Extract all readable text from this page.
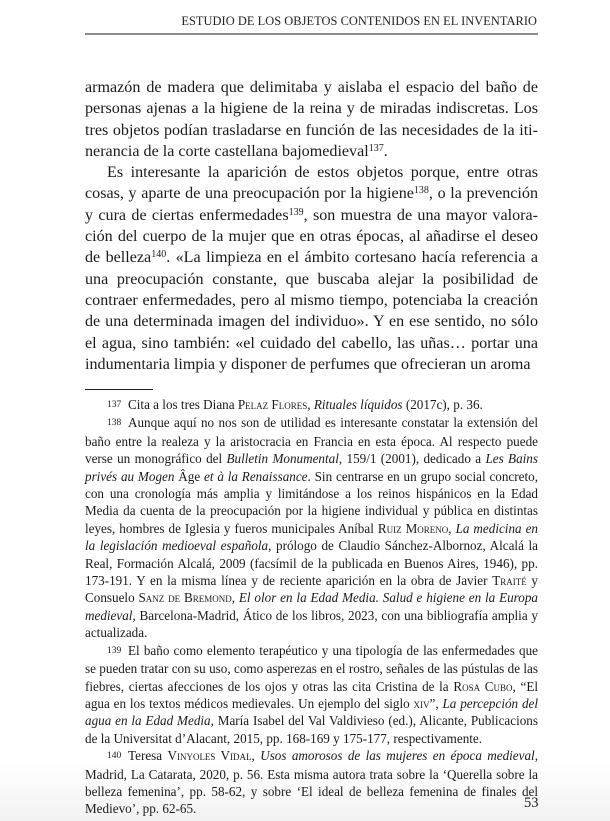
ESTUDIO DE LOS OBJETOS CONTENIDOS EN EL INVENTARIO

armazón de madera que delimitaba y aislaba el espacio del baño de personas ajenas a la higiene de la reina y de miradas indiscretas. Los tres objetos podían trasladarse en función de las necesidades de la itinerancia de la corte castellana bajomedieval$^{137}$.

Es interesante la aparición de estos objetos porque, entre otras cosas, y aparte de una preocupación por la higiene$^{138}$, o la prevención y cura de ciertas enfermedades$^{139}$, son muestra de una mayor valoración del cuerpo de la mujer que en otras épocas, al añadirse el deseo de belleza$^{140}$. «La limpieza en el ámbito cortesano hacía referencia a una preocupación constante, que buscaba alejar la posibilidad de contraer enfermedades, pero al mismo tiempo, potenciaba la creación de una determinada imagen del individuo». Y en ese sentido, no sólo el agua, sino también: «el cuidado del cabello, las uñas… portar una indumentaria limpia y disponer de perfumes que ofrecieran un aroma

137 Cita a los tres Diana Pelaz Flores, Rituales líquidos (2017c), p. 36.

138 Aunque aquí no nos son de utilidad es interesante constatar la extensión del baño entre la realeza y la aristocracia en Francia en esta época. Al respecto puede verse un monográfico del Bulletin Monumental, 159/1 (2001), dedicado a Les Bains privés au Mogen Âge et à la Renaissance. Sin centrarse en un grupo social concreto, con una cronología más amplia y limitándose a los reinos hispánicos en la Edad Media da cuenta de la preocupación por la higiene individual y pública en distintas leyes, hombres de Iglesia y fueros municipales Aníbal Ruiz Moreno, La medicina en la legislación medioeval española, prólogo de Claudio Sánchez-Albornoz, Alcalá la Real, Formación Alcalá, 2009 (facsímil de la publicada en Buenos Aires, 1946), pp. 173-191. Y en la misma línea y de reciente aparición en la obra de Javier Traité y Consuelo Sanz de Bremond, El olor en la Edad Media. Salud e higiene en la Europa medieval, Barcelona-Madrid, Ático de los libros, 2023, con una bibliografía amplia y actualizada.

139 El baño como elemento terapéutico y una tipología de las enfermedades que se pueden tratar con su uso, como asperezas en el rostro, señales de las pústulas de las fiebres, ciertas afecciones de los ojos y otras las cita Cristina de la Rosa Cubo, “El agua en los textos médicos medievales. Un ejemplo del siglo xiv”, La percepción del agua en la Edad Media, María Isabel del Val Valdivieso (ed.), Alicante, Publicacions de la Universitat d’Alacant, 2015, pp. 168-169 y 175-177, respectivamente.

140 Teresa Vinyoles Vidal, Usos amorosos de las mujeres en época medieval, Madrid, La Catarata, 2020, p. 56. Esta misma autora trata sobre la ‘Querella sobre la belleza femenina’, pp. 58-62, y sobre ‘El ideal de belleza femenina de finales del Medievo’, pp. 62-65.	53
